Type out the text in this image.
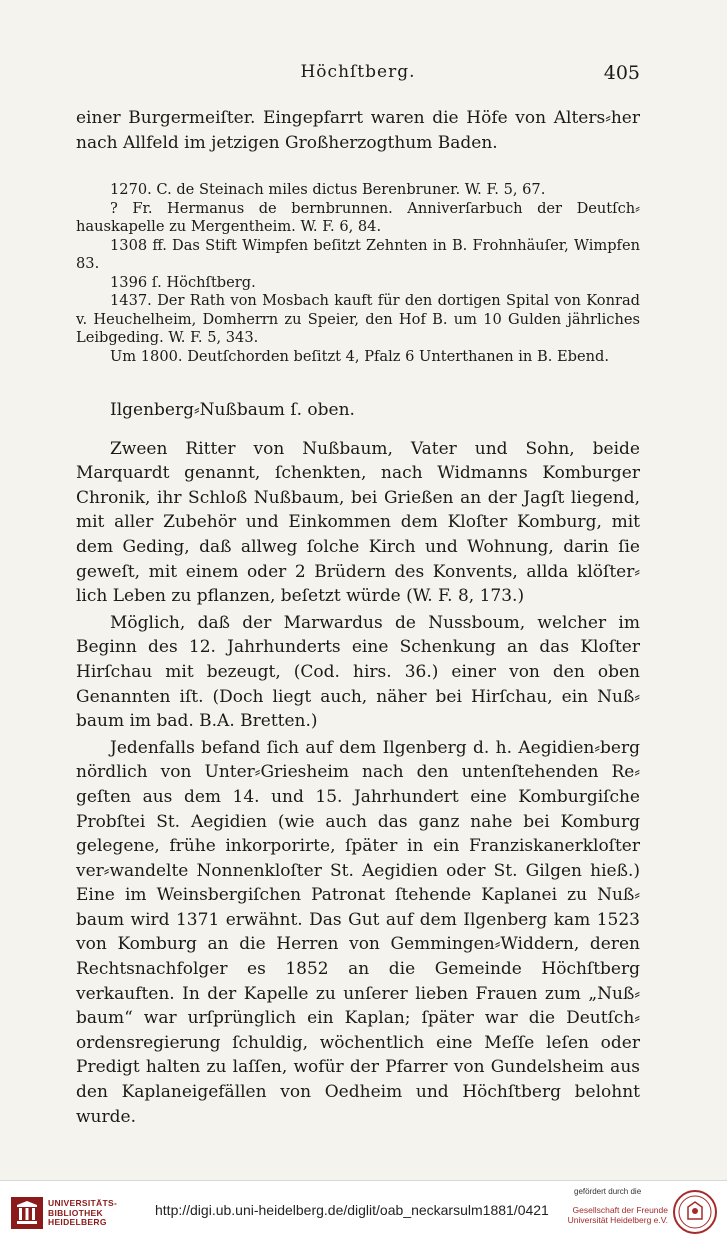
Höchſtberg.	405

einer Burgermeiſter. Eingepfarrt waren die Höfe von Alters⸗her nach Allfeld im jetzigen Großherzogthum Baden.

1270. C. de Steinach miles dictus Berenbruner. W. F. 5, 67.

? Fr. Hermanus de bernbrunnen. Anniverſarbuch der Deutſch⸗hauskapelle zu Mergentheim. W. F. 6, 84.

1308 ff. Das Stift Wimpfen beſitzt Zehnten in B. Frohnhäuſer, Wimpfen 83.

1396 ſ. Höchſtberg.

1437. Der Rath von Mosbach kauft für den dortigen Spital von Konrad v. Heuchelheim, Domherrn zu Speier, den Hof B. um 10 Gulden jährliches Leibgeding. W. F. 5, 343.

Um 1800. Deutſchorden beſitzt 4, Pfalz 6 Unterthanen in B. Ebend.

Ilgenberg⸗Nußbaum ſ. oben.

Zween Ritter von Nußbaum, Vater und Sohn, beide Marquardt genannt, ſchenkten, nach Widmanns Komburger Chronik, ihr Schloß Nußbaum, bei Grießen an der Jagſt liegend, mit aller Zubehör und Einkommen dem Kloſter Komburg, mit dem Geding, daß allweg ſolche Kirch und Wohnung, darin ſie geweſt, mit einem oder 2 Brüdern des Konvents, allda klöſter⸗lich Leben zu pflanzen, beſetzt würde (W. F. 8, 173.)

Möglich, daß der Marwardus de Nussboum, welcher im Beginn des 12. Jahrhunderts eine Schenkung an das Kloſter Hirſchau mit bezeugt, (Cod. hirs. 36.) einer von den oben Genannten iſt. (Doch liegt auch, näher bei Hirſchau, ein Nuß⸗baum im bad. B.A. Bretten.)

Jedenfalls befand ſich auf dem Ilgenberg d. h. Aegidien⸗berg nördlich von Unter⸗Griesheim nach den untenſtehenden Re⸗geſten aus dem 14. und 15. Jahrhundert eine Komburgiſche Probſtei St. Aegidien (wie auch das ganz nahe bei Komburg gelegene, frühe inkorporirte, ſpäter in ein Franziskanerkloſter ver⸗wandelte Nonnenkloſter St. Aegidien oder St. Gilgen hieß.) Eine im Weinsbergiſchen Patronat ſtehende Kaplanei zu Nuß⸗baum wird 1371 erwähnt. Das Gut auf dem Ilgenberg kam 1523 von Komburg an die Herren von Gemmingen⸗Widdern, deren Rechtsnachfolger es 1852 an die Gemeinde Höchſtberg verkauften. In der Kapelle zu unſerer lieben Frauen zum „Nuß⸗baum“ war urſprünglich ein Kaplan; ſpäter war die Deutſch⸗ordensregierung ſchuldig, wöchentlich eine Meſſe leſen oder Predigt halten zu laſſen, wofür der Pfarrer von Gundelsheim aus den Kaplaneigefällen von Oedheim und Höchſtberg belohnt wurde.

UNIVERSITÄTS-
BIBLIOTHEK
HEIDELBERG
http://digi.ub.uni-heidelberg.de/diglit/oab_neckarsulm1881/0421
gefördert durch die
Gesellschaft der Freunde
Universität Heidelberg e.V.
